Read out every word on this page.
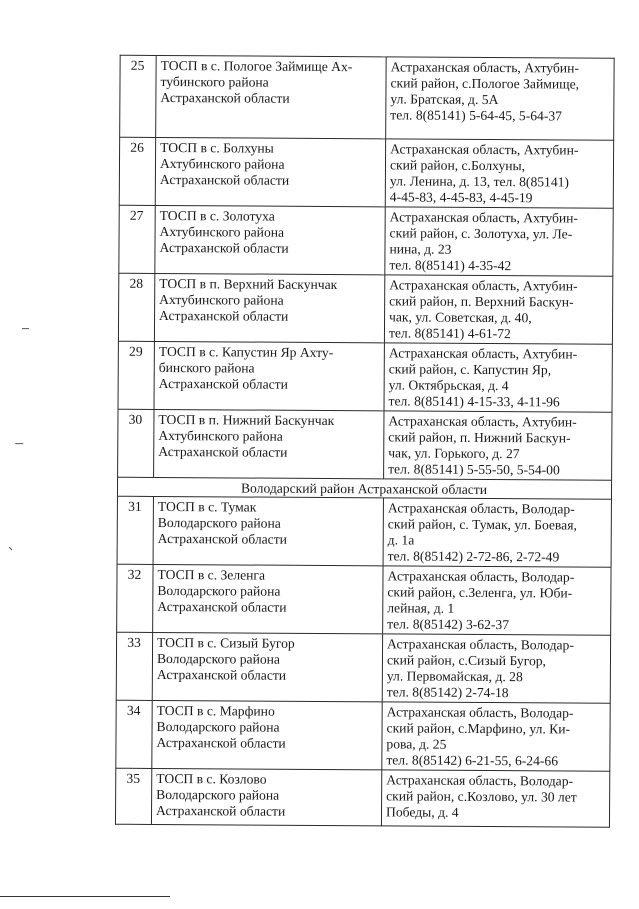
25	ТОСП в с. Пологое Займище Ах-
тубинского района
Астраханской области	Астраханская область, Ахтубин-
ский район, с.Пологое Займище,
ул. Братская, д. 5А
тел. 8(85141) 5-64-45, 5-64-37
26	ТОСП в с. Болхуны
Ахтубинского района
Астраханской области	Астраханская область, Ахтубин-
ский район, с.Болхуны,
ул. Ленина, д. 13, тел. 8(85141)
4-45-83, 4-45-83, 4-45-19
27	ТОСП в с. Золотуха
Ахтубинского района
Астраханской области	Астраханская область, Ахтубин-
ский район, с. Золотуха, ул. Ле-
нина, д. 23
тел. 8(85141) 4-35-42
28	ТОСП в п. Верхний Баскунчак
Ахтубинского района
Астраханской области	Астраханская область, Ахтубин-
ский район, п. Верхний Баскун-
чак, ул. Советская, д. 40,
тел. 8(85141) 4-61-72
29	ТОСП в с. Капустин Яр Ахту-
бинского района
Астраханской области	Астраханская область, Ахтубин-
ский район, с. Капустин Яр,
ул. Октябрьская, д. 4
тел. 8(85141) 4-15-33, 4-11-96
30	ТОСП в п. Нижний Баскунчак
Ахтубинского района
Астраханской области	Астраханская область, Ахтубин-
ский район, п. Нижний Баскун-
чак, ул. Горького, д. 27
тел. 8(85141) 5-55-50, 5-54-00
Володарский район Астраханской области		
31	ТОСП в с. Тумак
Володарского района
Астраханской области	Астраханская область, Володар-
ский район, с. Тумак, ул. Боевая,
д. 1а
тел. 8(85142) 2-72-86, 2-72-49
32	ТОСП в с. Зеленга
Володарского района
Астраханской области	Астраханская область, Володар-
ский район, с.Зеленга, ул. Юби-
лейная, д. 1
тел. 8(85142) 3-62-37
33	ТОСП в с. Сизый Бугор
Володарского района
Астраханской области	Астраханская область, Володар-
ский район, с.Сизый Бугор,
ул. Первомайская, д. 28
тел. 8(85142) 2-74-18
34	ТОСП в с. Марфино
Володарского района
Астраханской области	Астраханская область, Володар-
ский район, с.Марфино, ул. Ки-
рова, д. 25
тел. 8(85142) 6-21-55, 6-24-66
35	ТОСП в с. Козлово
Володарского района
Астраханской области	Астраханская область, Володар-
ский район, с.Козлово, ул. 30 лет
Победы, д. 4
